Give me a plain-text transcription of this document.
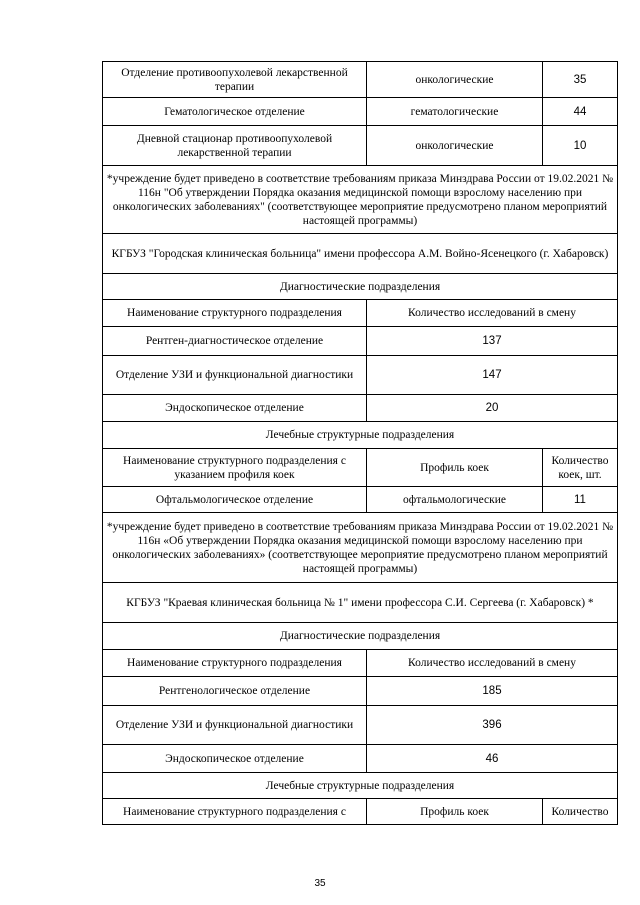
Отделение противоопухолевой лекарственной терапии	онкологические	35
Гематологическое отделение	гематологические	44
Дневной стационар противоопухолевой лекарственной терапии	онкологические	10
*учреждение будет приведено в соответствие требованиям приказа Минздрава России от 19.02.2021 № 116н "Об утверждении Порядка оказания медицинской помощи взрослому населению при онкологических заболеваниях" (соответствующее мероприятие предусмотрено планом мероприятий настоящей программы)		
КГБУЗ "Городская клиническая больница" имени профессора А.М. Войно-Ясенецкого (г. Хабаровск)		
Диагностические подразделения		
Наименование структурного подразделения	Количество исследований в смену	
Рентген-диагностическое отделение	137	
Отделение УЗИ и функциональной диагностики	147	
Эндоскопическое отделение	20	
Лечебные структурные подразделения		
Наименование структурного подразделения с указанием профиля коек	Профиль коек	Количество коек, шт.
Офтальмологическое отделение	офтальмологические	11
*учреждение будет приведено в соответствие требованиям приказа Минздрава России от 19.02.2021 № 116н «Об утверждении Порядка оказания медицинской помощи взрослому населению при онкологических заболеваниях» (соответствующее мероприятие предусмотрено планом мероприятий настоящей программы)		
КГБУЗ "Краевая клиническая больница № 1" имени профессора С.И. Сергеева (г. Хабаровск) *		
Диагностические подразделения		
Наименование структурного подразделения	Количество исследований в смену	
Рентгенологическое отделение	185	
Отделение УЗИ и функциональной диагностики	396	
Эндоскопическое отделение	46	
Лечебные структурные подразделения		
Наименование структурного подразделения с	Профиль коек	Количество
35
